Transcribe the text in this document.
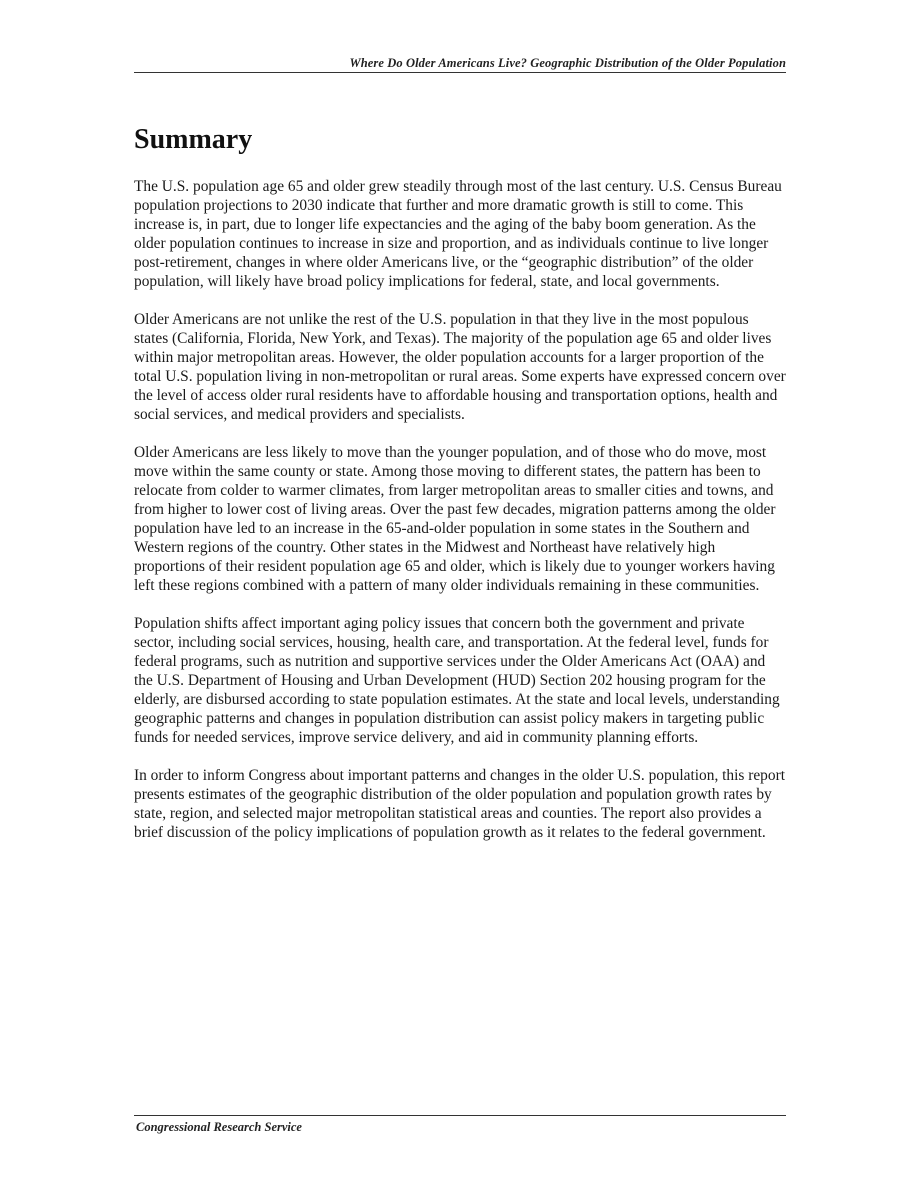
Where Do Older Americans Live? Geographic Distribution of the Older Population
Summary

The U.S. population age 65 and older grew steadily through most of the last century. U.S. Census Bureau population projections to 2030 indicate that further and more dramatic growth is still to come. This increase is, in part, due to longer life expectancies and the aging of the baby boom generation. As the older population continues to increase in size and proportion, and as individuals continue to live longer post-retirement, changes in where older Americans live, or the “geographic distribution” of the older population, will likely have broad policy implications for federal, state, and local governments.

Older Americans are not unlike the rest of the U.S. population in that they live in the most populous states (California, Florida, New York, and Texas). The majority of the population age 65 and older lives within major metropolitan areas. However, the older population accounts for a larger proportion of the total U.S. population living in non-metropolitan or rural areas. Some experts have expressed concern over the level of access older rural residents have to affordable housing and transportation options, health and social services, and medical providers and specialists.

Older Americans are less likely to move than the younger population, and of those who do move, most move within the same county or state. Among those moving to different states, the pattern has been to relocate from colder to warmer climates, from larger metropolitan areas to smaller cities and towns, and from higher to lower cost of living areas. Over the past few decades, migration patterns among the older population have led to an increase in the 65-and-older population in some states in the Southern and Western regions of the country. Other states in the Midwest and Northeast have relatively high proportions of their resident population age 65 and older, which is likely due to younger workers having left these regions combined with a pattern of many older individuals remaining in these communities.

Population shifts affect important aging policy issues that concern both the government and private sector, including social services, housing, health care, and transportation. At the federal level, funds for federal programs, such as nutrition and supportive services under the Older Americans Act (OAA) and the U.S. Department of Housing and Urban Development (HUD) Section 202 housing program for the elderly, are disbursed according to state population estimates. At the state and local levels, understanding geographic patterns and changes in population distribution can assist policy makers in targeting public funds for needed services, improve service delivery, and aid in community planning efforts.

In order to inform Congress about important patterns and changes in the older U.S. population, this report presents estimates of the geographic distribution of the older population and population growth rates by state, region, and selected major metropolitan statistical areas and counties. The report also provides a brief discussion of the policy implications of population growth as it relates to the federal government.

Congressional Research Service
